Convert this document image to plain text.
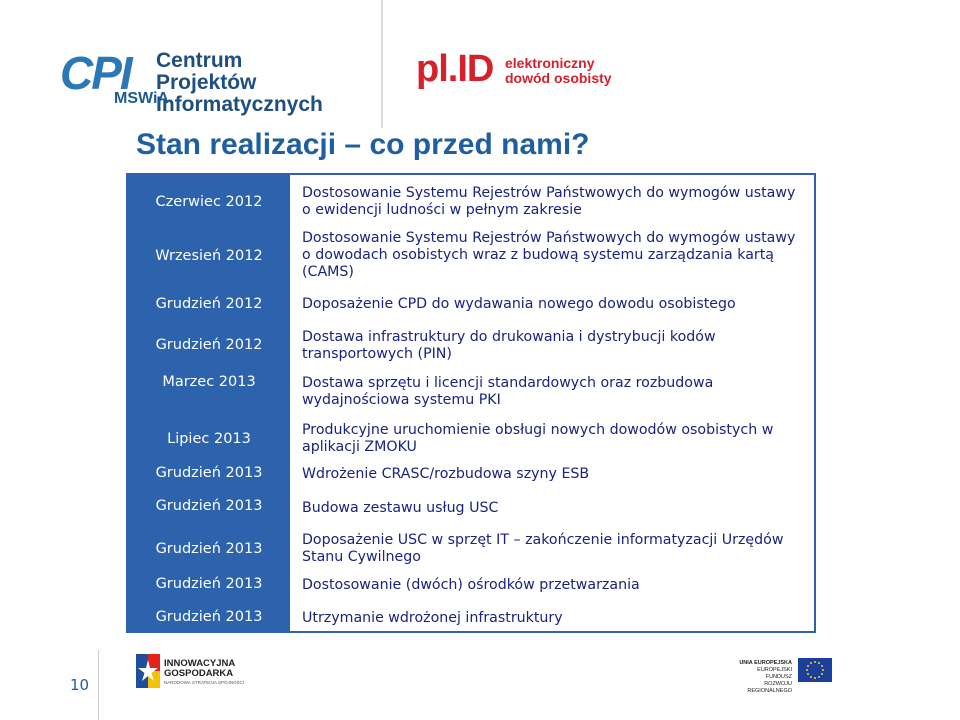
CPI Centrum Projektów
Informatycznych
MSWiA
pl.ID elektroniczny
dowód osobisty
Stan realizacji – co przed nami?
Czerwiec 2012
Wrzesień 2012
Grudzień 2012
Grudzień 2012
Marzec 2013
Lipiec 2013
Grudzień 2013
Grudzień 2013
Grudzień 2013
Grudzień 2013
Grudzień 2013
Dostosowanie Systemu Rejestrów Państwowych do wymogów ustawy o ewidencji ludności w pełnym zakresie
Dostosowanie Systemu Rejestrów Państwowych do wymogów ustawy o dowodach osobistych wraz z budową systemu zarządzania kartą (CAMS)
Doposażenie CPD do wydawania nowego dowodu osobistego
Dostawa infrastruktury do drukowania i dystrybucji kodów transportowych (PIN)
Dostawa sprzętu i licencji standardowych oraz rozbudowa wydajnościowa systemu PKI
Produkcyjne uruchomienie obsługi nowych dowodów osobistych w aplikacji ZMOKU
Wdrożenie CRASC/rozbudowa szyny ESB
Budowa zestawu usług USC
Doposażenie USC w sprzęt IT – zakończenie informatyzacji Urzędów Stanu Cywilnego
Dostosowanie (dwóch) ośrodków przetwarzania
Utrzymanie wdrożonej infrastruktury
10
INNOWACYJNA
GOSPODARKA
NARODOWA STRATEGIA SPÓJNOŚCI
UNIA EUROPEJSKA
EUROPEJSKI FUNDUSZ
ROZWOJU REGIONALNEGO
